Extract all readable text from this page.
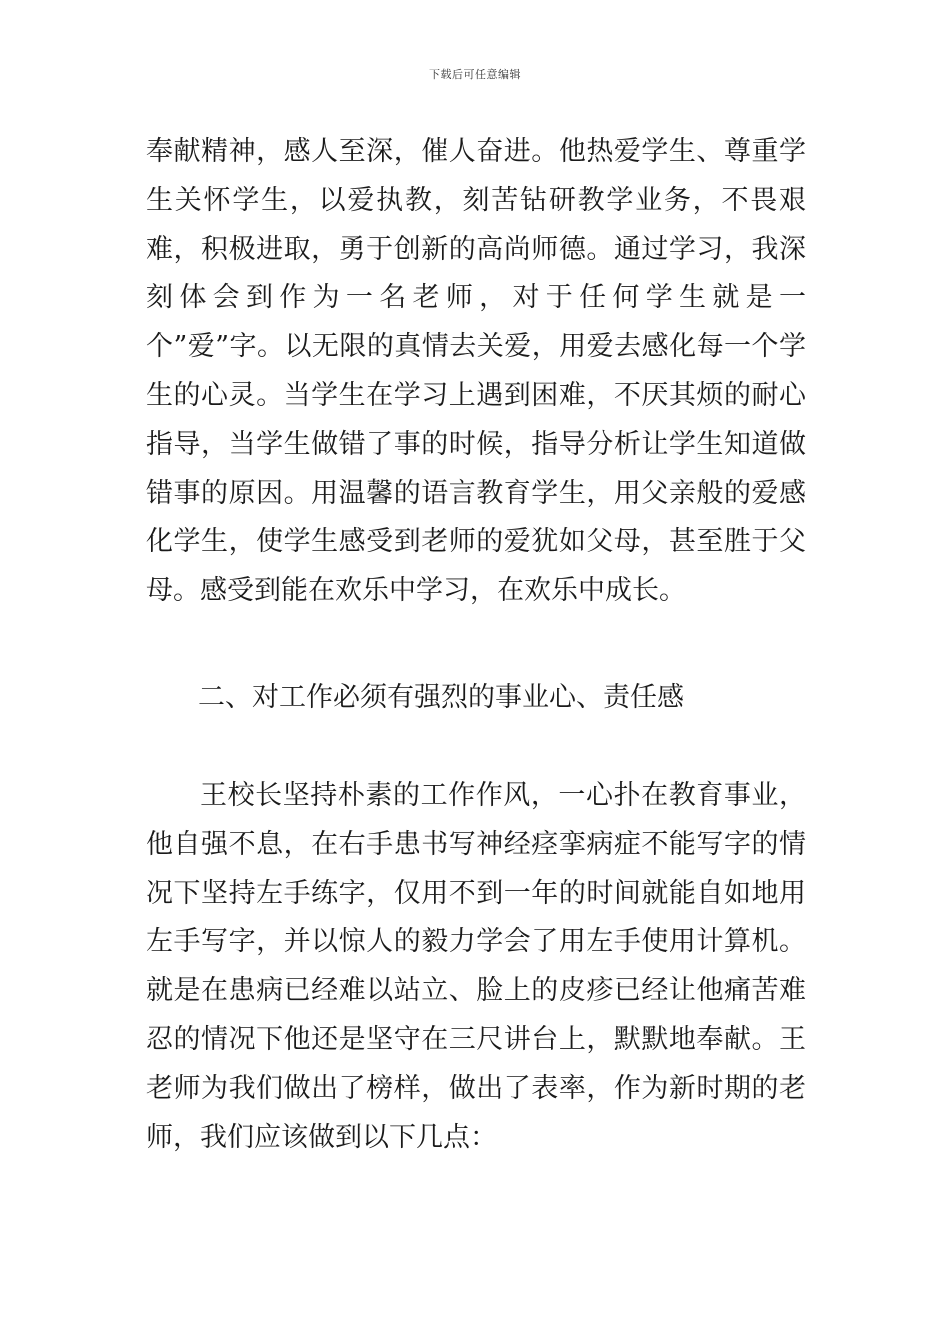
下载后可任意编辑

奉献精神，感人至深，催人奋进。他热爱学生、尊重学生关怀学生，以爱执教，刻苦钻研教学业务，不畏艰难，积极进取，勇于创新的高尚师德。通过学习，我深刻体会到作为一名老师，对于任何学生就是一个”爱”字。以无限的真情去关爱，用爱去感化每一个学生的心灵。当学生在学习上遇到困难，不厌其烦的耐心指导，当学生做错了事的时候，指导分析让学生知道做错事的原因。用温馨的语言教育学生，用父亲般的爱感化学生，使学生感受到老师的爱犹如父母，甚至胜于父母。感受到能在欢乐中学习，在欢乐中成长。

二、对工作必须有强烈的事业心、责任感

王校长坚持朴素的工作作风，一心扑在教育事业，他自强不息，在右手患书写神经痉挛病症不能写字的情况下坚持左手练字，仅用不到一年的时间就能自如地用左手写字，并以惊人的毅力学会了用左手使用计算机。就是在患病已经难以站立、脸上的皮疹已经让他痛苦难忍的情况下他还是坚守在三尺讲台上，默默地奉献。王老师为我们做出了榜样，做出了表率，作为新时期的老师，我们应该做到以下几点：
